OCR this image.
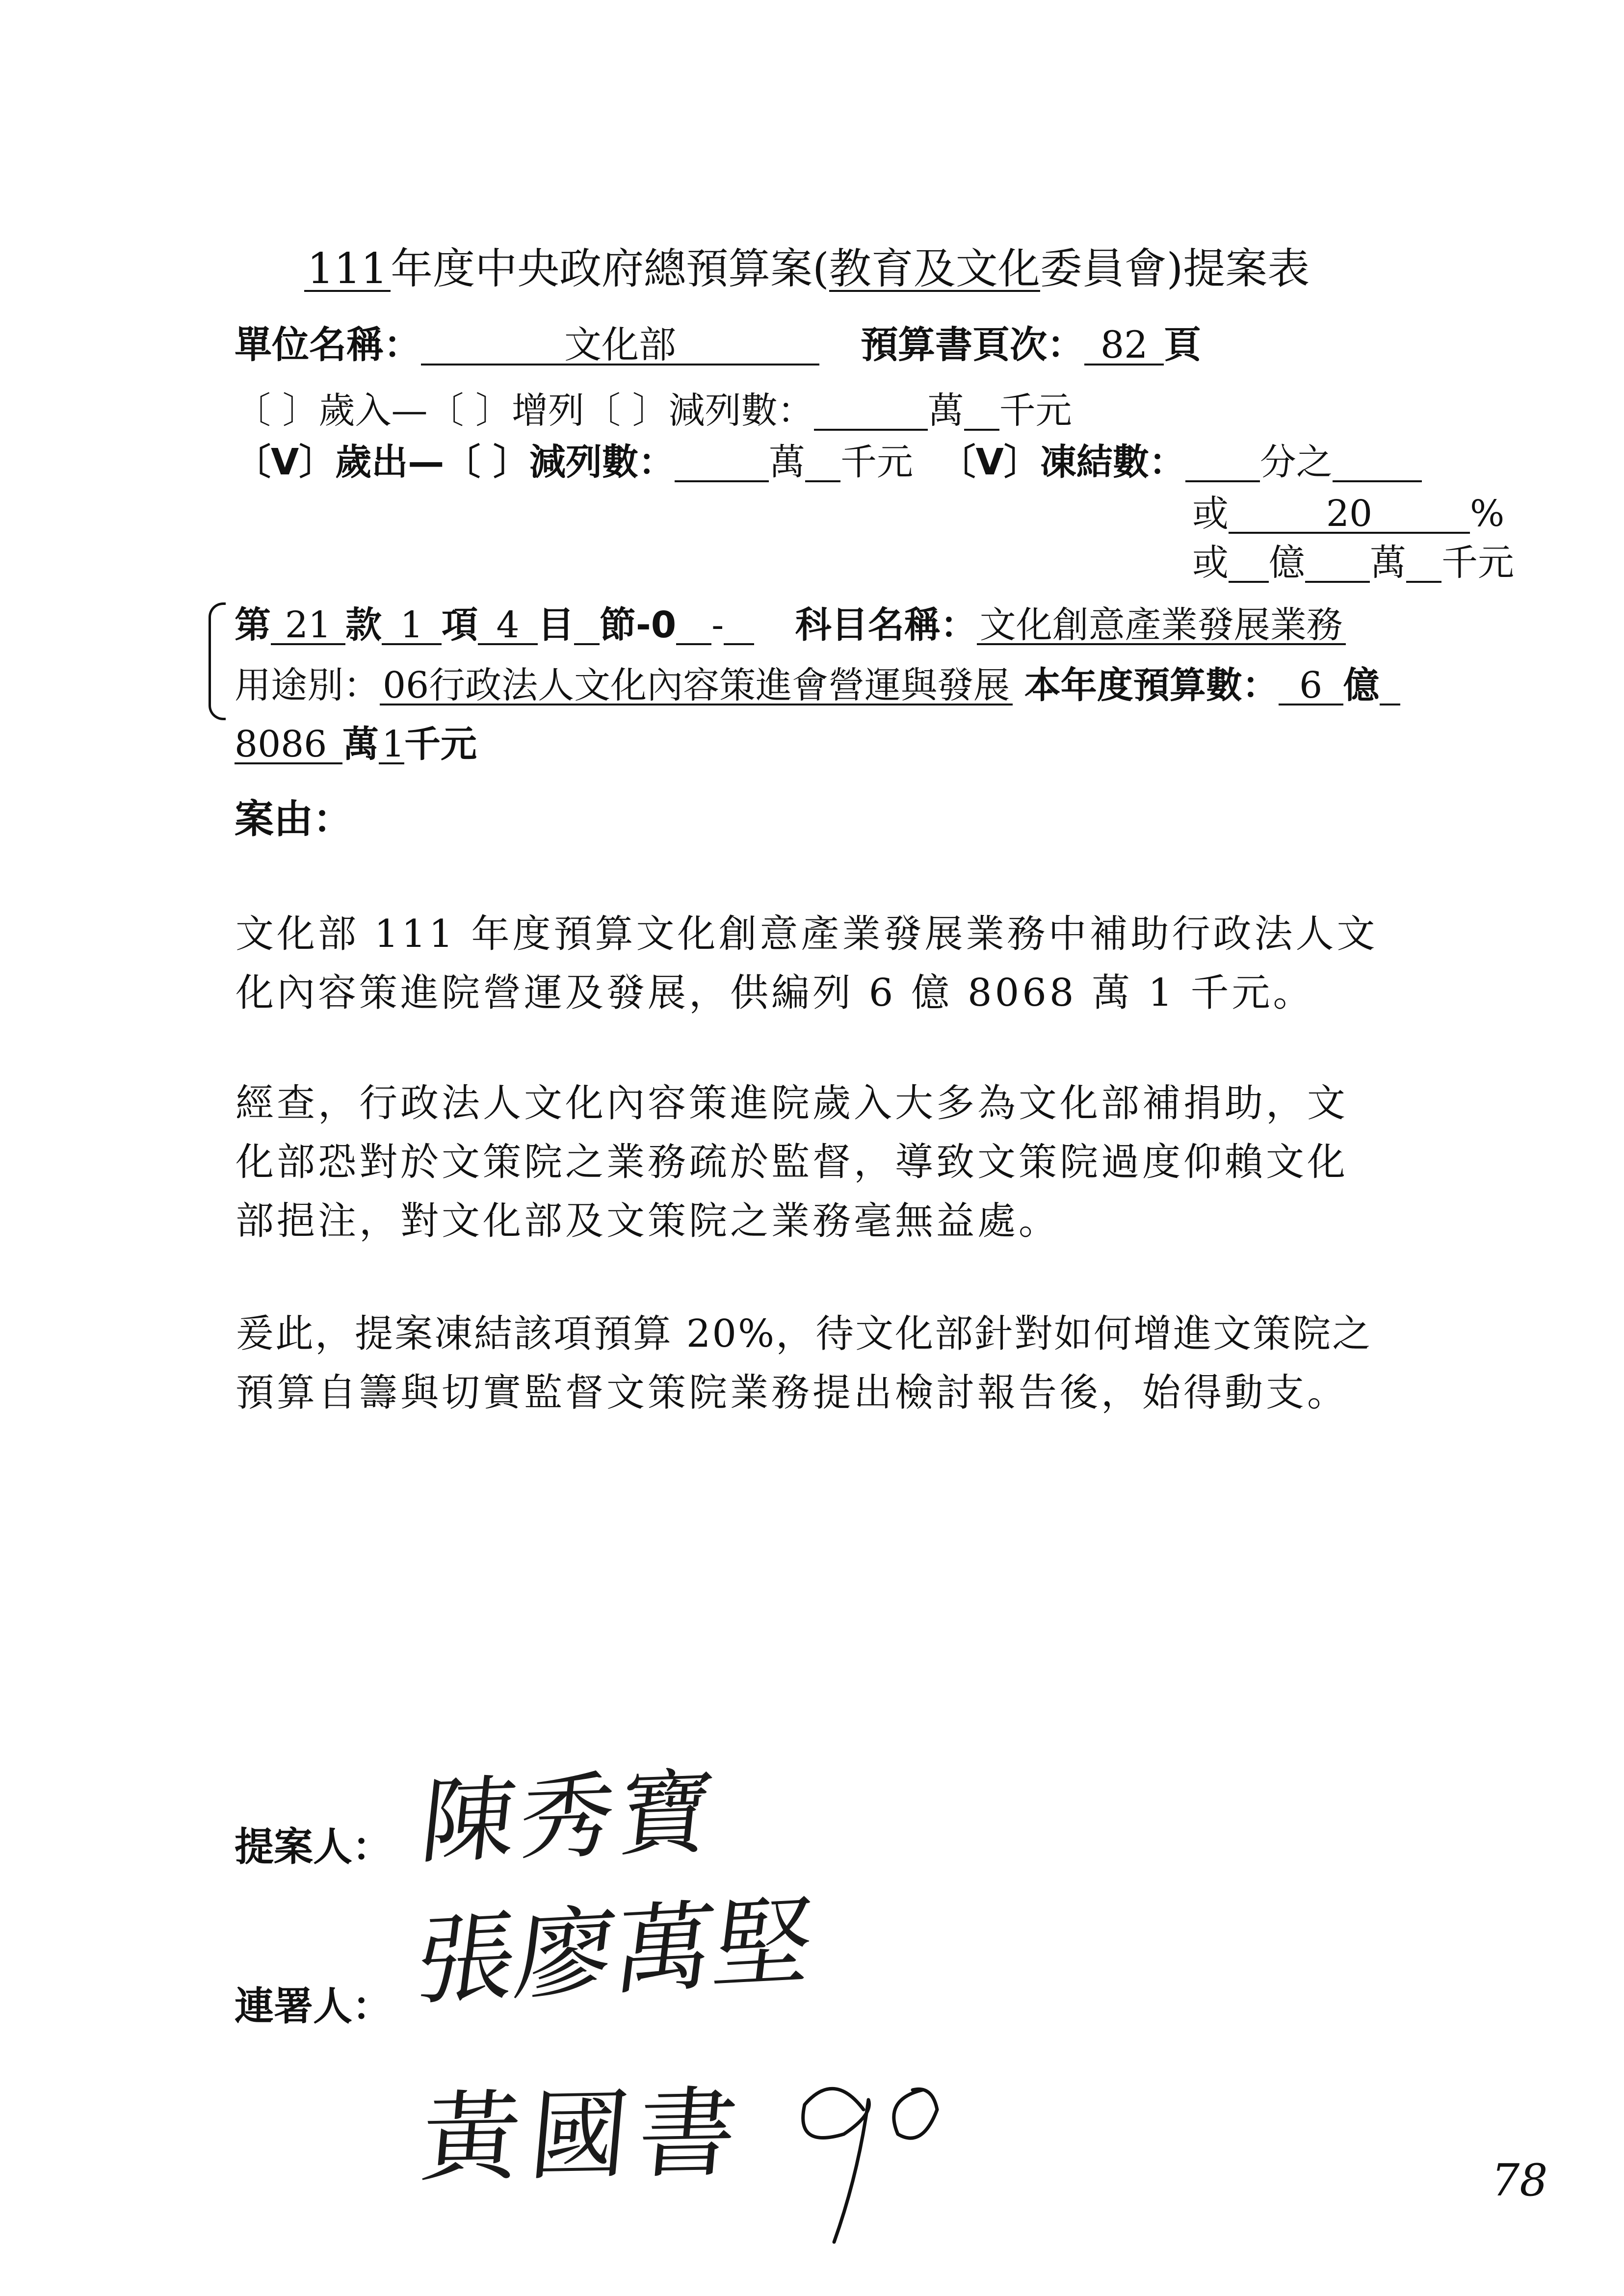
111年度中央政府總預算案(教育及文化委員會)提案表
單位名稱：	文化部	預算書頁次： 82 頁
〔 〕歲入—〔 〕增列〔 〕減列數：	萬 千元
〔V〕歲出—〔 〕減列數：	萬 千元 〔V〕凍結數： 分之
或	20	%
或 億 萬 千元
第 21 款 1 項 4 目 節-0 - 科目名稱：文化創意產業發展業務
用途別：06行政法人文化內容策進會營運與發展 本年度預算數： 6 億
8086 萬1千元
案由：
文化部 111 年度預算文化創意產業發展業務中補助行政法人文
化內容策進院營運及發展，供編列 6 億 8068 萬 1 千元。
經查，行政法人文化內容策進院歲入大多為文化部補捐助，文
化部恐對於文策院之業務疏於監督，導致文策院過度仰賴文化
部挹注，對文化部及文策院之業務毫無益處。
爰此，提案凍結該項預算 20%，待文化部針對如何增進文策院之
預算自籌與切實監督文策院業務提出檢討報告後，始得動支。
提案人： 陳秀寶
連署人： 張廖萬堅
黃國書	78
